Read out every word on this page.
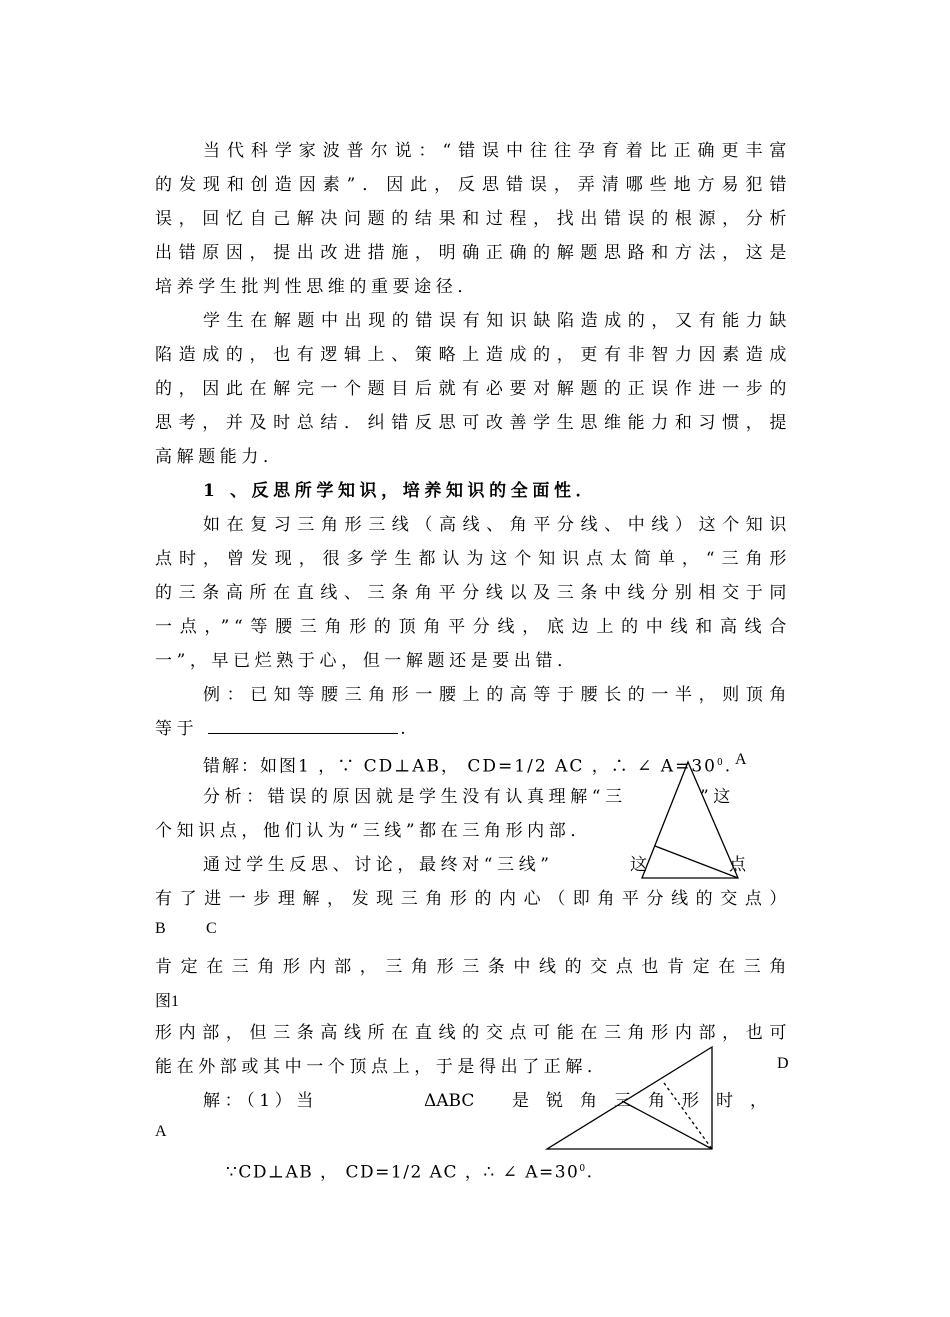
当代科学家波普尔说：“错误中往往孕育着比正确更丰富
的发现和创造因素”．因此，反思错误，弄清哪些地方易犯错
误，回忆自己解决问题的结果和过程，找出错误的根源，分析
出错原因，提出改进措施，明确正确的解题思路和方法，这是
培养学生批判性思维的重要途径．
学生在解题中出现的错误有知识缺陷造成的，又有能力缺
陷造成的，也有逻辑上、策略上造成的，更有非智力因素造成
的，因此在解完一个题目后就有必要对解题的正误作进一步的
思考，并及时总结．纠错反思可改善学生思维能力和习惯，提
高解题能力．
1 、反思所学知识，培养知识的全面性．
如在复习三角形三线（高线、角平分线、中线）这个知识
点时，曾发现，很多学生都认为这个知识点太简单，“三角形
的三条高所在直线、三条角平分线以及三条中线分别相交于同
一点，”“等腰三角形的顶角平分线，底边上的中线和高线合
一”，早已烂熟于心，但一解题还是要出错．
例：已知等腰三角形一腰上的高等于腰长的一半，则顶角
等于	.
错解：如图1 ，∵ CD⊥AB， CD=1/2 AC ，∴ ∠ $A=30^0$. A
分析：错误的原因就是学生没有认真理解“三	”这
个知识点，他们认为“三线”都在三角形内部．
通过学生反思、讨论，最终对“三线”	这	点
有了进一步理解，发现三角形的内心（即角平分线的交点）
B	C
肯定在三角形内部，三角形三条中线的交点也肯定在三角
图1
形内部，但三条高线所在直线的交点可能在三角形内部，也可
能在外部或其中一个顶点上，于是得出了正解．	D
解：（1）当	ΔABC 是锐角三角形时，
A
∵CD⊥AB ， CD=1/2 AC ，∴ ∠ $A=30^0$.
